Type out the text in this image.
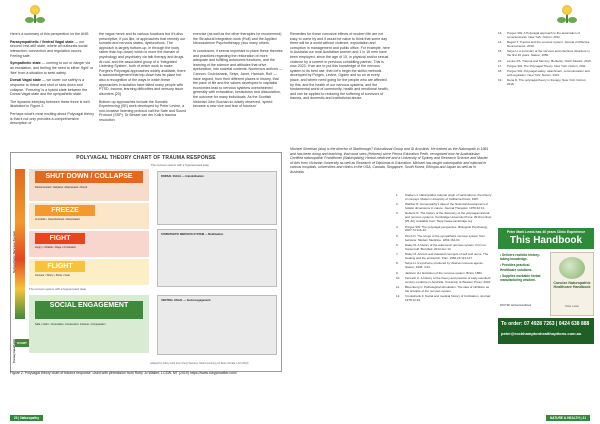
Here's a summary of this perspective on the ANS:

Parasympathetic / Ventral Vagal state — our second 'rest-still' state, where all outbursts social interaction, connection and regulation occurs. Feeling safe.

Sympathetic state — coming to our or danger via an escalation, and feeling the need to either 'fight' or 'flee' from a situation to seek safety.

Dorsal Vagal state — we lower our safety is a response to threat and shut or slow down and collapse. 'Freezing' is a hybrid state between the Dorsal Vagal state and the sympathetic state.

The dynamic interplay between these three is well illustrated in Figure 2.

Perhaps what's most exciting about Polyvagal theory is that it not only provides a comprehensive description of

the vagus nerve and its various functions but it's also prescriptive, if you like, of approaches that remedy our somatic and nervous states, dysfunctions. The approach is largely bottom-up, ie through the body rather than top-down) which is more the domain of psychology and psychiatry via talk therapy and drugs. At root, and the associated group of a 'Integrated Listening System', both of which work to make Porges's Polyvagal approaches widely available, there is acknowledgement that top-down has its place but also a recognition of the ways in which these approaches in isolation have failed many people with PTSD, trauma, learning difficulties and sensory issue disorders [20].

Bottom-up approaches include the Somatic Experiencing (SE) work developed by Peter Levine, a non-invasive listening protocol call the Safe and Sound Protocol (SSP). Dr Bessel van der Kolk's trauma resolution

exercise (as well as the other therapies he recommend) the Structural Integration work (Rolf) and the Applied Neuroscience Psychotherapy, plus many others.

In conclusion, it seems important to place these theories and practices regarding the restoration of more adequate and fulfilling autonomic functions, and the learning of the science and attitudes that drive dysfunction, into societal contexts. Numerous authors — Cannon, Cruickshank, Selye, Janet, Hannah, Rolf — have argued, from their different places in history, that the pace of life and the values developed in capitalist economies lead to nervous systems overwhelmed generally with exhaustion, breakdown and dissociation, the outcome for many individuals. As the Scottish historian John Buchan so wisely observed, 'speed became a new vice and fear of futurism'

Remedies for these corrosive effects of modern life are not easy to come by and it would be naive to think that some day there will be a world without violence, exploitation and corruption in management and public office. For example, here in Australia our rural Australian women and 1 in 16 men have been employed, since the age of 15, in physical and/or sexual violence by a current or previous cohabiting partner. This is now 2023. If we are to put this knowledge of the nervous system to its best use, then let's begin the skilful methods developed by Porges, Levine, Ogden and so on at every place, and where need going for the people who are affected by this, and the health of our nervous systems, and the fundamental world of community, health and emotional health, and can be applied to reducing the suffering of survivors of trauma, and domestic and institutional abuse.

Michael Sheehan (aka) is the director of Starthrough? Educational Group and St Acustinis. He trained as the Naturopath in 1981 and has been doing and teaching, that word sees (Hebrew) since Perma Education Perth, recognised now he Australasian Certified naturopathic Practitioner (Naturopathy) Herbal medicine and a University of Sydney and Research Science and Master of Arts from Victorian University as well as Research of Diplomas in Education. Michael has taught naturopathic and national in various hospitals, universities and clinics in the USA, Canada, Singapore, South Korea, Ethiopia and Japan as well as in Australia.
1.	Clarke LJ. Naturopathic rational origin of vaccinations: the history of concept. Modern University of California Press; 1987.
2.	Webber R. Homeopathy's idea of the historical development of holistic dimensions in nature. Journal Therapist. 1978;42:14.
3.	Roberts R. The history of the discovery of the polyvagal rational and nervous systems. Cambridge University Press; 2010 (online) [25 Jul]. Available from: https://www.cambridge.org
4.	Porges SW. The polyvagal perspective. Biological Psychology. 2007;74:116-43.
5.	Pinch D. The scope of the sympathetic nervous system from behavior. Modern Medicine. 1891:162-64
6.	Daley M. A history of the autonomic nervous system. From to Sonia Gulf. Biol Med. 2014:Jan 13.
7.	Daley M. Ancient and classical concepts of self and nerve. The Healing and the endorphin. Pain. 1982;24:113-127.
8.	Selye H. A syndrome produced by diverse nocuous agents. Nature; 1936: 4:34.
9.	Jackson JH. Evolution of the nervous system. Brain; 1884.
10.	Kenneth C. A history of the theory and practice of early twentieth century medicine in Australia. University of Western Press; 2004.
11.	Bloomberg C. Pathological stimulation: The idea of inhibition as the antidote of the nervous system.
12.	Crookshank F. Social and medical history of Civilisation. Journal; 1978;12:19.
13.	Porges SW. A Polyvagal approach to the automation of consciousness. New York: Norton; 2011.
14.	Bogart T. Trauma and the nervous system. Journal of Affective Neuroscience; 2019.
15.	Selye H. A summary of the nervous and infectious disorders in the first 20 years. Nature; 1950.
16.	Levine PA. Trauma and Memory. Berkeley: North Atlantic; 2015.
17.	Porges SW. The Polyvagal Theory. New York: Norton; 2011.
18.	Porges SW. Polyvagal safety: attachment, communication and self-regulation. New York: Norton; 2021.
19.	Dana D. The polyvagal theory in therapy. New York: Norton; 2018.
POLYVAGAL THEORY CHART OF TRAUMA RESPONSE
The nervous system with a hyperaroused state
Sympathetic Nervous System
SHUT DOWN / COLLAPSE
Disconnected • Helpless • Depressed • Numb
FREEZE
Immobile • Overwhelmed • Dissociated
FIGHT
Angry • Irritable • Rage • Frustrated
FLIGHT
Anxious • Worry • Panic • Fear
DORSAL VAGAL — Immobilisation
SYMPATHETIC NERVOUS SYSTEM — Mobilisation
The nervous system with a hypoaroused state
SOCIAL ENGAGEMENT
Safe • Calm • Grounded • Connected • Curious • Compassion
VENTRAL VAGAL — Social engagement
START
Parasympathetic
Adapted by Kathy Cobb from Cheryl Sanders, Shari Freimberg, Dr Beau Carrafa. LAX (2022)
Figure 2. Polyvagal theory chart of trauma response. Used with permission from Ruby Jo Walker, LCSW, MT (2019) https://www.rubyjowalker.com/
Peter Mark Lewis has 40 years Clinic Experience
This Handbook
• Delivers realistic history-taking knowledge.
• Provides practical Healthcare solutions.
• Supplies workable herbal manufacturing wisdom.
Concise Naturopathic Healthcare Handbook
Peter Lewis
PACTRF Herbal Handbook
To order: 07 4928 7263 | 0424 638 888
peter@rockhamptonhealthoptions.com.au
20 | Naturopathy	NATURE & HEALTH | 21
